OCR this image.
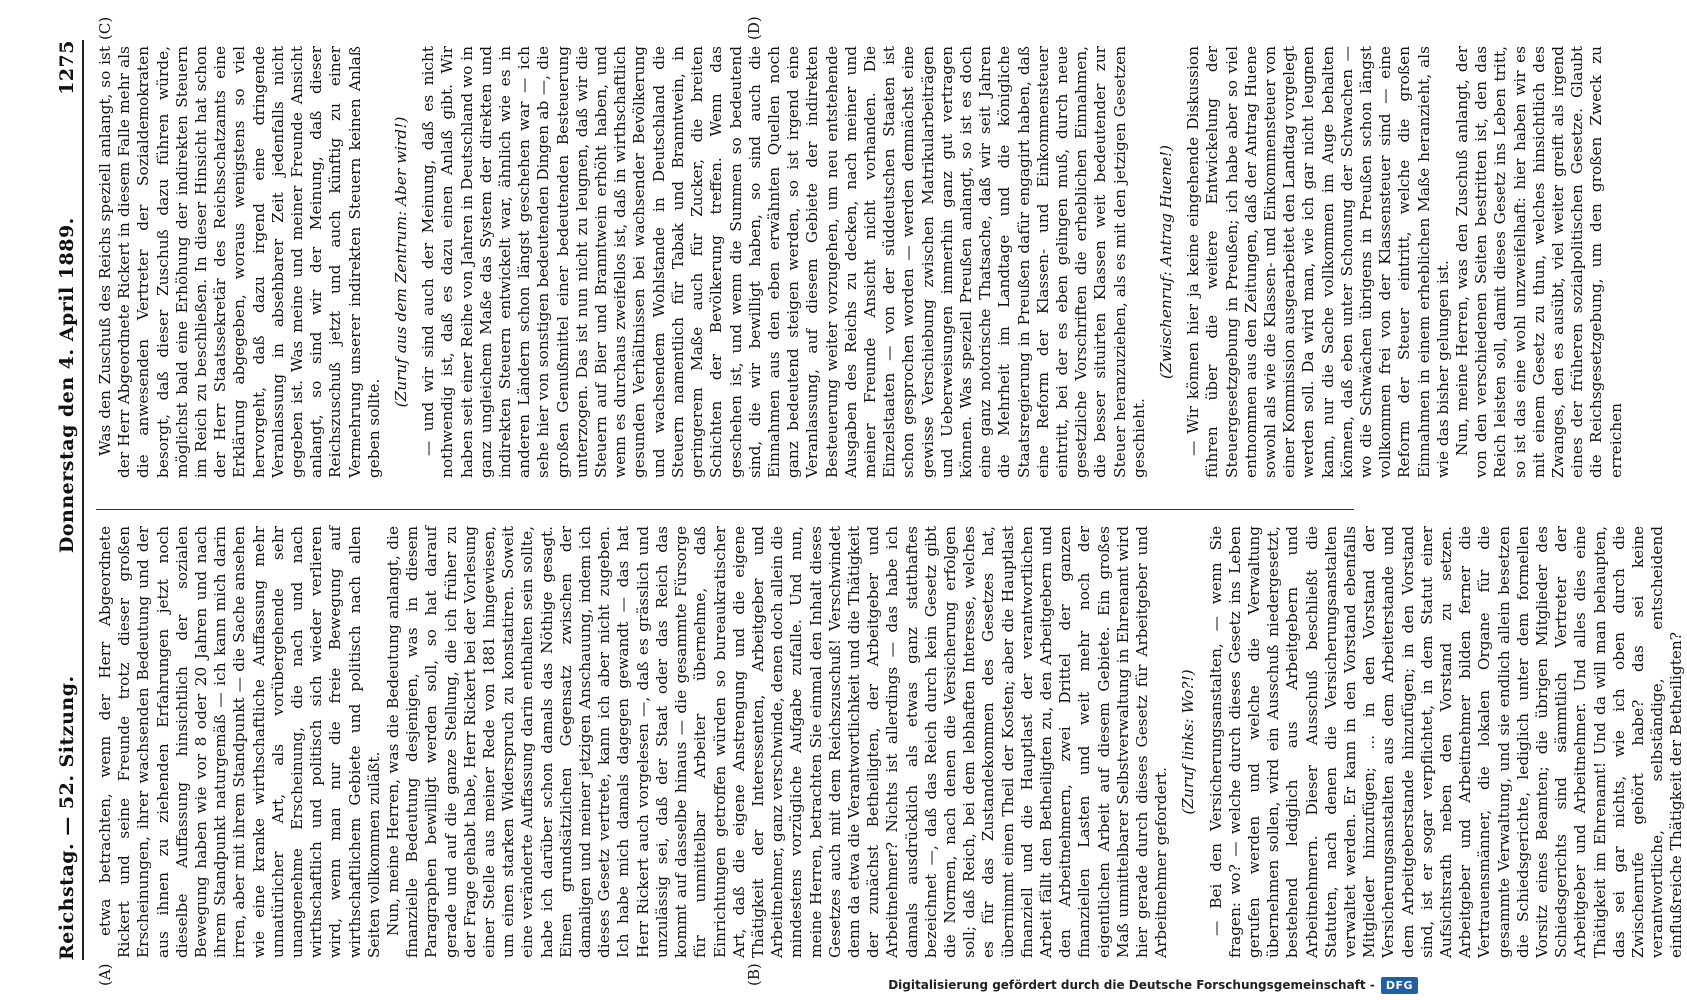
Reichstag. — 52. Sitzung.
Donnerstag den 4. April 1889.
1275
(A)	(B)
(C)	(D)

etwa betrachten, wenn der Herr Abgeordnete Rickert und seine Freunde trotz dieser großen Erscheinungen, ihrer wachsenden Bedeutung und der aus ihnen zu ziehenden Erfahrungen jetzt noch dieselbe Auffassung hinsichtlich der sozialen Bewegung haben wie vor 8 oder 20 Jahren und nach ihrem Standpunkt naturgemäß — ich kann mich darin irren, aber mit ihrem Standpunkt — die Sache ansehen wie eine kranke wirthschaftliche Auffassung mehr unnatürlicher Art, als vorübergehende sehr unangenehme Erscheinung, die nach und nach wirthschaftlich und politisch sich wieder verlieren wird, wenn man nur die freie Bewegung auf wirthschaftlichem Gebiete und politisch nach allen Seiten vollkommen zuläßt. Nun, meine Herren, was die Bedeutung anlangt, die finanzielle Bedeutung desjenigen, was in diesem Paragraphen bewilligt werden soll, so hat darauf gerade und auf die ganze Stellung, die ich früher zu der Frage gehabt habe, Herr Rickert bei der Vorlesung einer Stelle aus meiner Rede von 1881 hingewiesen, um einen starken Widerspruch zu konstatiren. Soweit eine veränderte Auffassung darin enthalten sein sollte, habe ich darüber schon damals das Nöthige gesagt. Einen grundsätzlichen Gegensatz zwischen der damaligen und meiner jetzigen Anschauung, indem ich dieses Gesetz vertrete, kann ich aber nicht zugeben. Ich habe mich damals dagegen gewandt — das hat Herr Rickert auch vorgelesen —, daß es grässlich und unzulässig sei, daß der Staat oder das Reich das kommt auf dasselbe hinaus — die gesammte Fürsorge für unmittelbar Arbeiter übernehme, daß Einrichtungen getroffen würden so bureaukratischer Art, daß die eigene Anstrengung und die eigene Thätigkeit der Interessenten, Arbeitgeber und Arbeitnehmer, ganz verschwinde, denen doch allein die mindestens vorzügliche Aufgabe zufalle. Und nun, meine Herren, betrachten Sie einmal den Inhalt dieses Gesetzes auch mit dem Reichszuschuß! Verschwindet denn da etwa die Verantwortlichkeit und die Thätigkeit der zunächst Betheiligten, der Arbeitgeber und Arbeitnehmer? Nichts ist allerdings — das habe ich damals ausdrücklich als etwas ganz statthaftes bezeichnet —, daß das Reich durch kein Gesetz gibt die Normen, nach denen die Versicherung erfolgen soll; daß Reich, bei dem lebhaften Interesse, welches es für das Zustandekommen des Gesetzes hat, übernimmt einen Theil der Kosten; aber die Hauptlast finanziell und die Hauptlast der verantwortlichen Arbeit fällt den Betheiligten zu, den Arbeitgebern und den Arbeitnehmern, zwei Drittel der ganzen finanziellen Lasten und weit mehr noch der eigentlichen Arbeit auf diesem Gebiete. Ein großes Maß unmittelbarer Selbstverwaltung in Ehrenamt wird hier gerade durch dieses Gesetz für Arbeitgeber und Arbeitnehmer gefordert.

(Zuruf links: Wo?!) — Bei den Versicherungsanstalten, — wenn Sie fragen: wo? — welche durch dieses Gesetz ins Leben gerufen werden und welche die Verwaltung übernehmen sollen, wird ein Ausschuß niedergesetzt, bestehend lediglich aus Arbeitgebern und Arbeitnehmern. Dieser Ausschuß beschließt die Statuten, nach denen die Versicherungsanstalten verwaltet werden. Er kann in den Vorstand ebenfalls Mitglieder hinzufügen; ... in den Vorstand der Versicherungsanstalten aus dem Arbeiterstande und dem Arbeitgeberstande hinzufügen; in den Vorstand sind, ist er sogar verpflichtet, in dem Statut einer Aufsichtsrath neben den Vorstand zu setzen. Arbeitgeber und Arbeitnehmer bilden ferner die Vertrauensmänner, die lokalen Organe für die gesammte Verwaltung, und sie endlich allein besetzen die Schiedsgerichte, lediglich unter dem formellen Vorsitz eines Beamten; die übrigen Mitglieder des Schiedsgerichts sind sämmtlich Vertreter der Arbeitgeber und Arbeitnehmer. Und alles dies eine Thätigkeit im Ehrenamt! Und da will man behaupten, das sei gar nichts, wie ich oben durch die Zwischenrufe gehört habe? das sei keine verantwortliche, selbständige, entscheidend einflußreiche Thätigkeit der Betheiligten?

Was den Zuschuß des Reichs speziell anlangt, so ist der Herr Abgeordnete Rickert in diesem Falle mehr als die anwesenden Vertreter der Sozialdemokraten besorgt, daß dieser Zuschuß dazu führen würde, möglichst bald eine Erhöhung der indirekten Steuern im Reich zu beschließen. In dieser Hinsicht hat schon der Herr Staatssekretär des Reichsschatzamts eine Erklärung abgegeben, woraus wenigstens so viel hervorgeht, daß dazu irgend eine dringende Veranlassung in absehbarer Zeit jedenfalls nicht gegeben ist. Was meine und meiner Freunde Ansicht anlangt, so sind wir der Meinung, daß dieser Reichszuschuß jetzt und auch künftig zu einer Vermehrung unserer indirekten Steuern keinen Anlaß geben sollte.

(Zuruf aus dem Zentrum: Aber wird!) — und wir sind auch der Meinung, daß es nicht nothwendig ist, daß es dazu einen Anlaß gibt. Wir haben seit einer Reihe von Jahren in Deutschland wo in ganz ungleichem Maße das System der direkten und indirekten Steuern entwickelt war, ähnlich wie es in anderen Ländern schon längst geschehen war — ich sehe hier von sonstigen bedeutenden Dingen ab —, die großen Genußmittel einer bedeutenden Besteuerung unterzogen. Das ist nun nicht zu leugnen, daß wir die Steuern auf Bier und Branntwein erhöht haben, und wenn es durchaus zweifellos ist, daß in wirthschaftlich gesunden Verhältnissen bei wachsender Bevölkerung und wachsendem Wohlstande in Deutschland die Steuern namentlich für Tabak und Branntwein, in geringerem Maße auch für Zucker, die breiten Schichten der Bevölkerung treffen. Wenn das geschehen ist, und wenn die Summen so bedeutend sind, die wir bewilligt haben, so sind auch die Einnahmen aus den eben erwähnten Quellen noch ganz bedeutend steigen werden, so ist irgend eine Veranlassung, auf diesem Gebiete der indirekten Besteuerung weiter vorzugehen, um neu entstehende Ausgaben des Reichs zu decken, nach meiner und meiner Freunde Ansicht nicht vorhanden. Die Einzelstaaten — von der süddeutschen Staaten ist schon gesprochen worden — werden demnächst eine gewisse Verschiebung zwischen Matrikularbeiträgen und Ueberweisungen immerhin ganz gut vertragen können. Was speziell Preußen anlangt, so ist es doch eine ganz notorische Thatsache, daß wir seit Jahren die Mehrheit im Landtage und die königliche Staatsregierung in Preußen dafür engagirt haben, daß eine Reform der Klassen- und Einkommensteuer eintritt, bei der es eben gelingen muß, durch neue gesetzliche Vorschriften die erheblichen Einnahmen, die besser situirten Klassen weit bedeutender zur Steuer heranzuziehen, als es mit den jetzigen Gesetzen geschieht.

(Zwischenruf: Antrag Huene!) — Wir können hier ja keine eingehende Diskussion führen über die weitere Entwickelung der Steuergesetzgebung in Preußen; ich habe aber so viel entnommen aus den Zeitungen, daß der Antrag Huene sowohl als wie die Klassen- und Einkommensteuer von einer Kommission ausgearbeitet den Landtag vorgelegt werden soll. Da wird man, wie ich gar nicht leugnen kann, nur die Sache vollkommen im Auge behalten können, daß eben unter Schonung der Schwachen — wo die Schwächen übrigens in Preußen schon längst vollkommen frei von der Klassensteuer sind — eine Reform der Steuer eintritt, welche die großen Einnahmen in einem erheblichen Maße heranzieht, als wie das bisher gelungen ist. Nun, meine Herren, was den Zuschuß anlangt, der von den verschiedenen Seiten bestritten ist, den das Reich leisten soll, damit dieses Gesetz ins Leben tritt, so ist das eine wohl unzweifelhaft: hier haben wir es mit einem Gesetz zu thun, welches hinsichtlich des Zwanges, den es ausübt, viel weiter greift als irgend eines der früheren sozialpolitischen Gesetze. Glaubt die Reichsgesetzgebung, um den großen Zweck zu erreichen

Digitalisierung gefördert durch die Deutsche Forschungsgemeinschaft -	DFG
